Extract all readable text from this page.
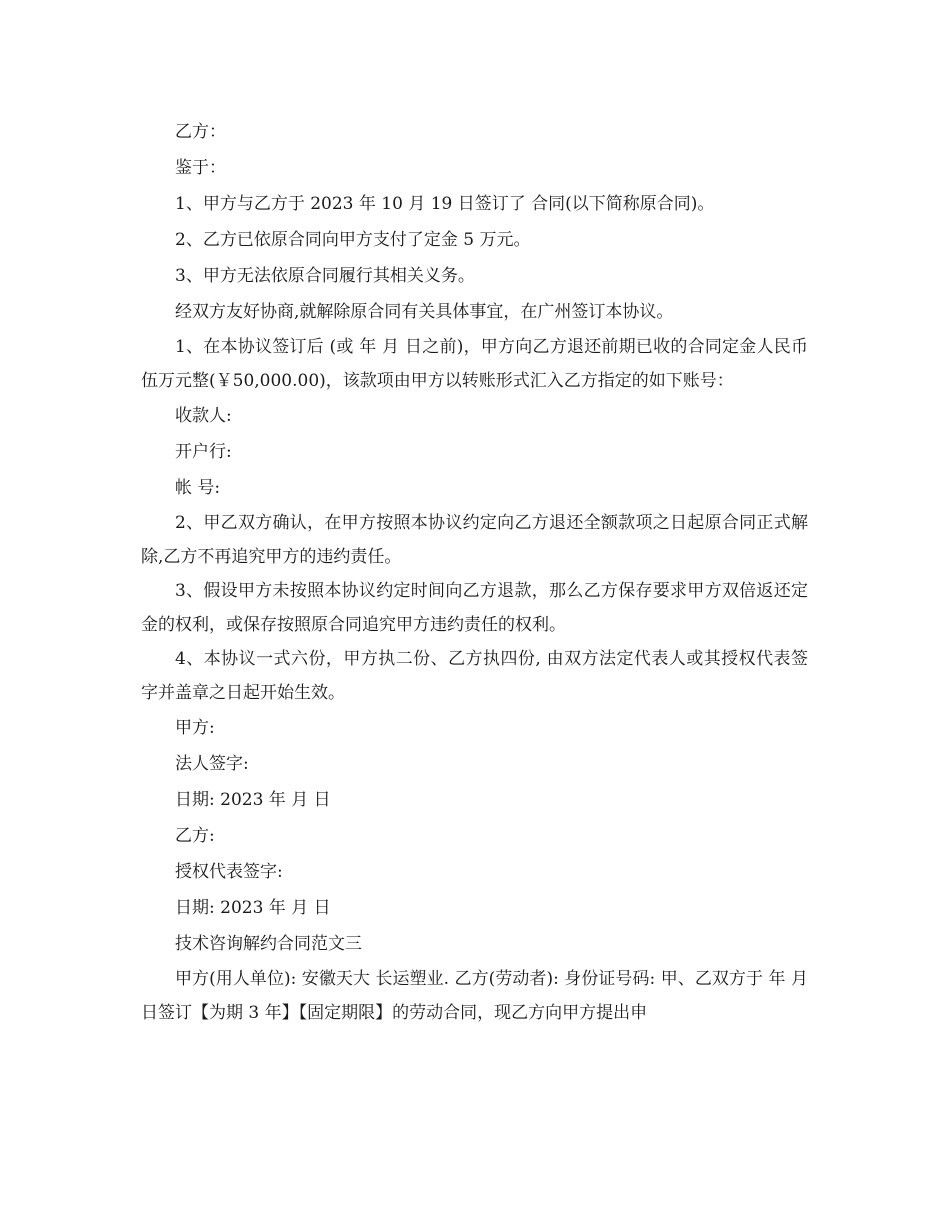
乙方：

鉴于：

1、甲方与乙方于 2023 年 10 月 19 日签订了 合同(以下简称原合同)。

2、乙方已依原合同向甲方支付了定金 5 万元。

3、甲方无法依原合同履行其相关义务。

经双方友好协商,就解除原合同有关具体事宜，在广州签订本协议。

1、在本协议签订后 (或 年 月 日之前)，甲方向乙方退还前期已收的合同定金人民币伍万元整(￥50,000.00)，该款项由甲方以转账形式汇入乙方指定的如下账号：

收款人:

开户行:

帐 号:

2、甲乙双方确认，在甲方按照本协议约定向乙方退还全额款项之日起原合同正式解除,乙方不再追究甲方的违约责任。

3、假设甲方未按照本协议约定时间向乙方退款，那么乙方保存要求甲方双倍返还定金的权利，或保存按照原合同追究甲方违约责任的权利。

4、本协议一式六份，甲方执二份、乙方执四份, 由双方法定代表人或其授权代表签字并盖章之日起开始生效。

甲方:

法人签字:

日期: 2023 年 月 日

乙方:

授权代表签字:

日期: 2023 年 月 日

技术咨询解约合同范文三

甲方(用人单位): 安徽天大 长运塑业. 乙方(劳动者): 身份证号码: 甲、乙双方于 年 月 日签订【为期 3 年】【固定期限】的劳动合同，现乙方向甲方提出申
